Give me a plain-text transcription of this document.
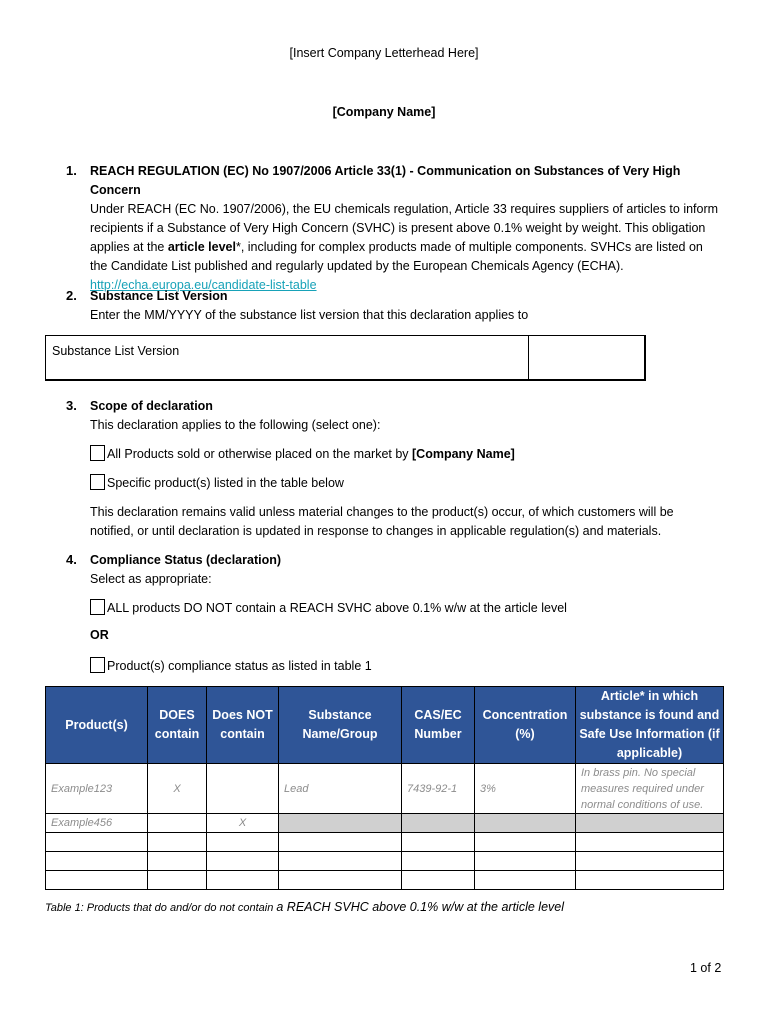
[Insert Company Letterhead Here]
[Company Name]
1. REACH REGULATION (EC) No 1907/2006 Article 33(1) - Communication on Substances of Very High Concern
Under REACH (EC No. 1907/2006), the EU chemicals regulation, Article 33 requires suppliers of articles to inform
recipients if a Substance of Very High Concern (SVHC) is present above 0.1% weight by weight. This obligation
applies at the article level*, including for complex products made of multiple components. SVHCs are listed on
the Candidate List published and regularly updated by the European Chemicals Agency (ECHA).
http://echa.europa.eu/candidate-list-table
2. Substance List Version
Enter the MM/YYYY of the substance list version that this declaration applies to
Substance List Version
3. Scope of declaration
This declaration applies to the following (select one):
All Products sold or otherwise placed on the market by [Company Name]
Specific product(s) listed in the table below
This declaration remains valid unless material changes to the product(s) occur, of which customers will be
notified, or until declaration is updated in response to changes in applicable regulation(s) and materials.
4. Compliance Status (declaration)
Select as appropriate:
ALL products DO NOT contain a REACH SVHC above 0.1% w/w at the article level
OR
Product(s) compliance status as listed in table 1
Product(s)	DOES contain	Does NOT contain	Substance Name/Group	CAS/EC Number	Concentration (%)	Article* in which substance is found and Safe Use Information (if applicable)
Example123	X		Lead	7439-92-1	3%	In brass pin. No special measures required under normal conditions of use.
Example456		X				

Table 1: Products that do and/or do not contain a REACH SVHC above 0.1% w/w at the article level
1 of 2
